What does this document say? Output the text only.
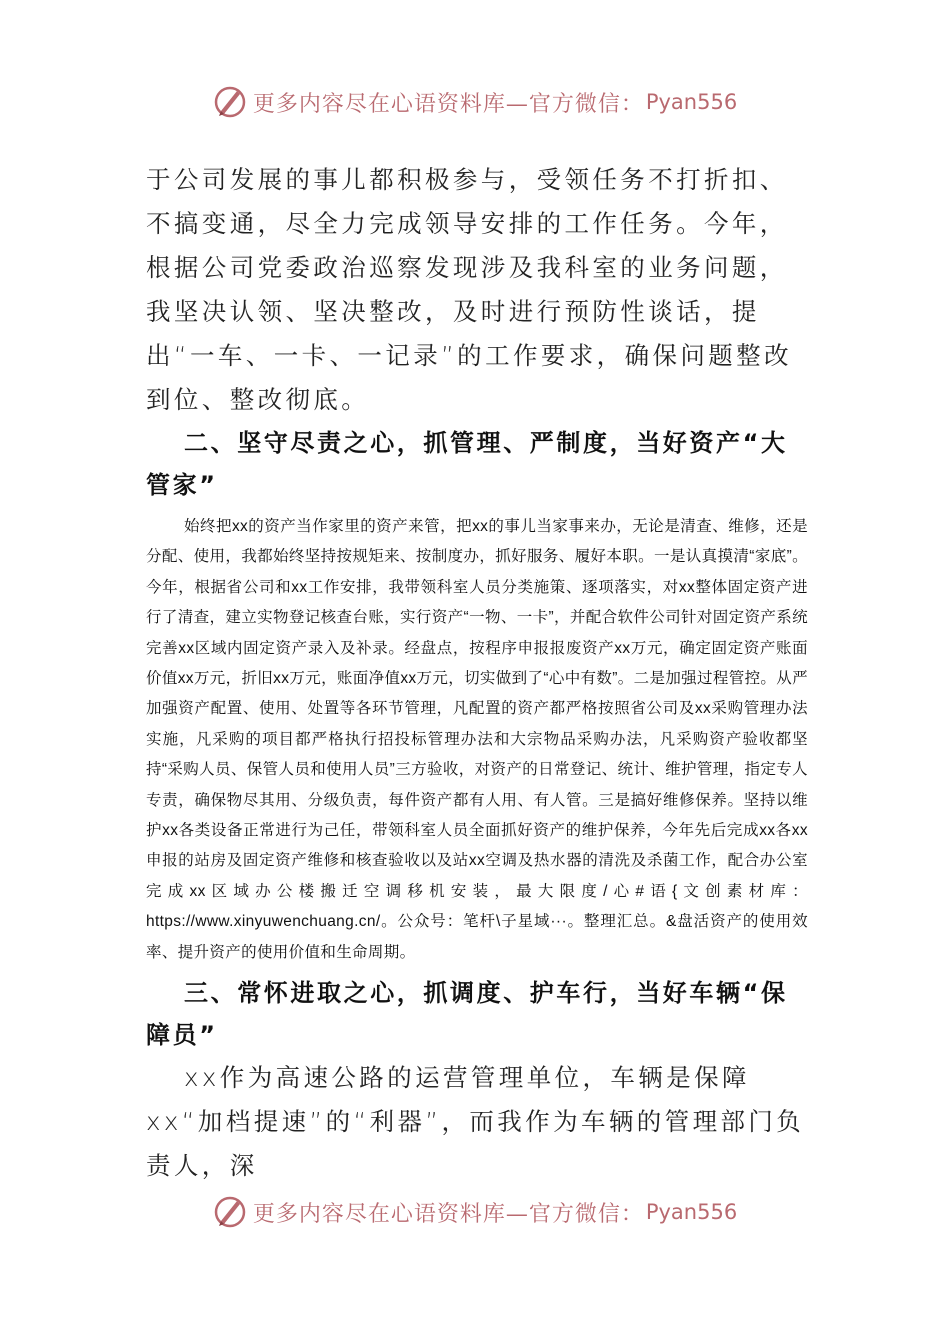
更多内容尽在心语资料库—官方微信： Pyan556

于公司发展的事儿都积极参与，受领任务不打折扣、不搞变通，尽全力完成领导安排的工作任务。今年，根据公司党委政治巡察发现涉及我科室的业务问题，我坚决认领、坚决整改，及时进行预防性谈话，提出“一车、一卡、一记录”的工作要求，确保问题整改到位、整改彻底。

二、坚守尽责之心，抓管理、严制度，当好资产“大管家”

始终把xx的资产当作家里的资产来管，把xx的事儿当家事来办，无论是清查、维修，还是分配、使用，我都始终坚持按规矩来、按制度办，抓好服务、履好本职。一是认真摸清“家底”。今年，根据省公司和xx工作安排，我带领科室人员分类施策、逐项落实，对xx整体固定资产进行了清查，建立实物登记核查台账，实行资产“一物、一卡”，并配合软件公司针对固定资产系统完善xx区域内固定资产录入及补录。经盘点，按程序申报报废资产xx万元，确定固定资产账面价值xx万元，折旧xx万元，账面净值xx万元，切实做到了“心中有数”。二是加强过程管控。从严加强资产配置、使用、处置等各环节管理，凡配置的资产都严格按照省公司及xx采购管理办法实施，凡采购的项目都严格执行招投标管理办法和大宗物品采购办法，凡采购资产验收都坚持“采购人员、保管人员和使用人员”三方验收，对资产的日常登记、统计、维护管理，指定专人专责，确保物尽其用、分级负责，每件资产都有人用、有人管。三是搞好维修保养。坚持以维护xx各类设备正常进行为己任，带领科室人员全面抓好资产的维护保养，今年先后完成xx各xx申报的站房及固定资产维修和核查验收以及站xx空调及热水器的清洗及杀菌工作，配合办公室完成xx区域办公楼搬迁空调移机安装，最大限度/心#语{文创素材库：https://www.xinyuwenchuang.cn/。公众号：笔杆\子星域···。整理汇总。&盘活资产的使用效率、提升资产的使用价值和生命周期。

三、常怀进取之心，抓调度、护车行，当好车辆“保障员”

xx作为高速公路的运营管理单位，车辆是保障xx“加档提速”的“利器”，而我作为车辆的管理部门负责人，深

更多内容尽在心语资料库—官方微信： Pyan556
